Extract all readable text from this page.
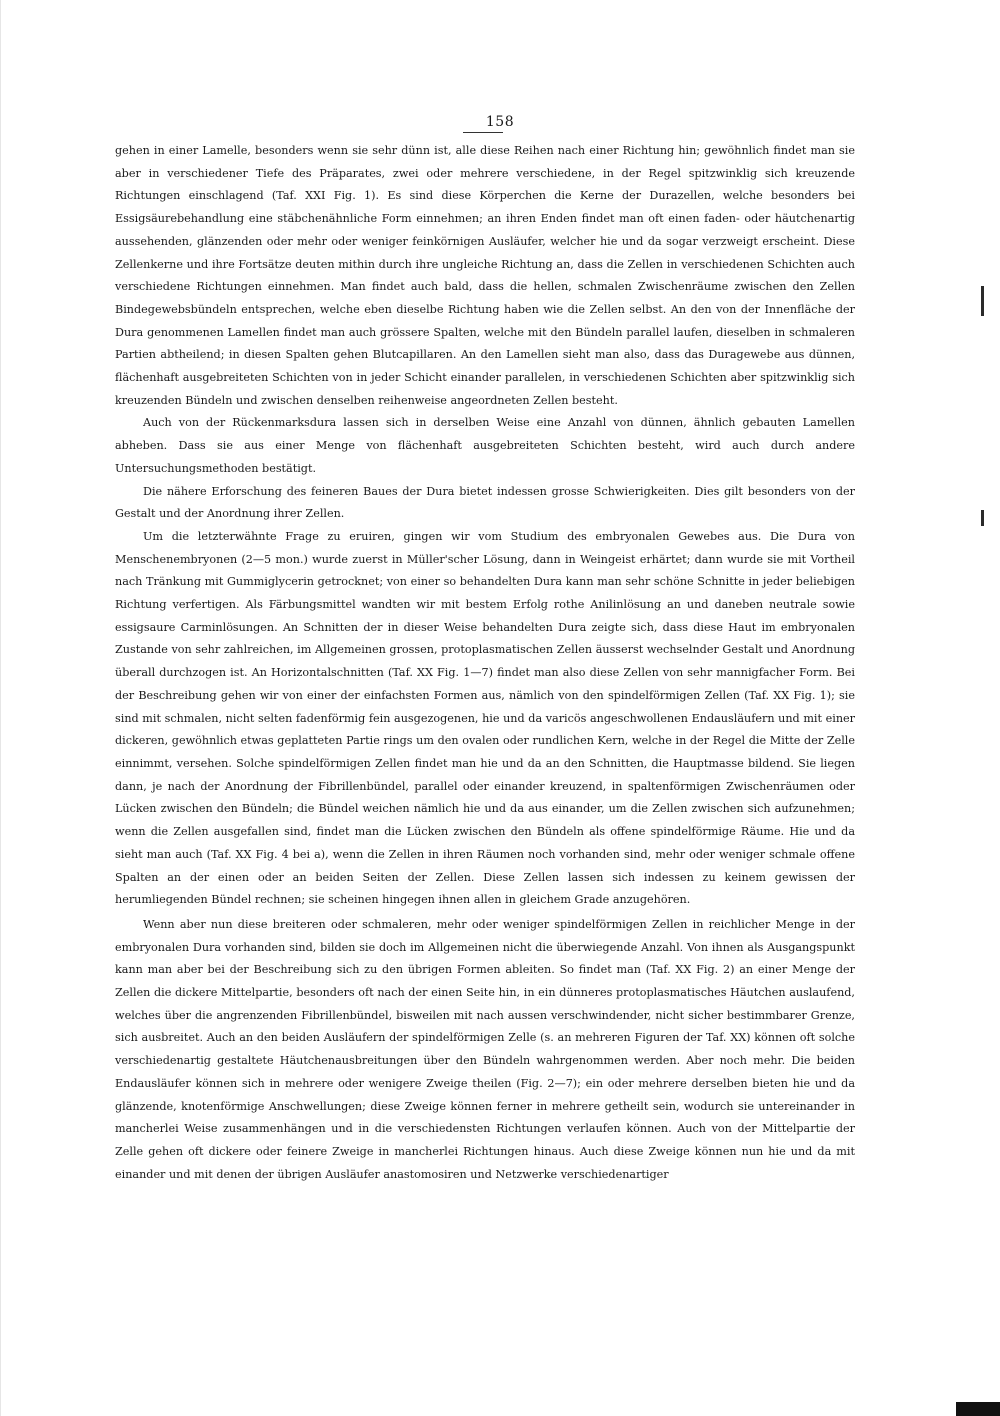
158

gehen in einer Lamelle, besonders wenn sie sehr dünn ist, alle diese Reihen nach einer Richtung hin; gewöhnlich findet man sie aber in verschiedener Tiefe des Präparates, zwei oder mehrere verschiedene, in der Regel spitzwinklig sich kreuzende Richtungen einschlagend (Taf. XXI Fig. 1). Es sind diese Körperchen die Kerne der Durazellen, welche besonders bei Essigsäurebehandlung eine stäbchenähnliche Form einnehmen; an ihren Enden findet man oft einen faden- oder häutchenartig aussehenden, glänzenden oder mehr oder weniger feinkörnigen Ausläufer, welcher hie und da sogar verzweigt erscheint. Diese Zellenkerne und ihre Fortsätze deuten mithin durch ihre ungleiche Richtung an, dass die Zellen in verschiedenen Schichten auch verschiedene Richtungen einnehmen. Man findet auch bald, dass die hellen, schmalen Zwischenräume zwischen den Zellen Bindegewebsbündeln entsprechen, welche eben dieselbe Richtung haben wie die Zellen selbst. An den von der Innenfläche der Dura genommenen Lamellen findet man auch grössere Spalten, welche mit den Bündeln parallel laufen, dieselben in schmaleren Partien abtheilend; in diesen Spalten gehen Blutcapillaren. An den Lamellen sieht man also, dass das Duragewebe aus dünnen, flächenhaft ausgebreiteten Schichten von in jeder Schicht einander parallelen, in verschiedenen Schichten aber spitzwinklig sich kreuzenden Bündeln und zwischen denselben reihenweise angeordneten Zellen besteht.

Auch von der Rückenmarksdura lassen sich in derselben Weise eine Anzahl von dünnen, ähnlich gebauten Lamellen abheben. Dass sie aus einer Menge von flächenhaft ausgebreiteten Schichten besteht, wird auch durch andere Untersuchungsmethoden bestätigt.

Die nähere Erforschung des feineren Baues der Dura bietet indessen grosse Schwierigkeiten. Dies gilt besonders von der Gestalt und der Anordnung ihrer Zellen.

Um die letzterwähnte Frage zu eruiren, gingen wir vom Studium des embryonalen Gewebes aus. Die Dura von Menschenembryonen (2—5 mon.) wurde zuerst in Müller'scher Lösung, dann in Weingeist erhärtet; dann wurde sie mit Vortheil nach Tränkung mit Gummiglycerin getrocknet; von einer so behandelten Dura kann man sehr schöne Schnitte in jeder beliebigen Richtung verfertigen. Als Färbungsmittel wandten wir mit bestem Erfolg rothe Anilinlösung an und daneben neutrale sowie essigsaure Carminlösungen. An Schnitten der in dieser Weise behandelten Dura zeigte sich, dass diese Haut im embryonalen Zustande von sehr zahlreichen, im Allgemeinen grossen, protoplasmatischen Zellen äusserst wechselnder Gestalt und Anordnung überall durchzogen ist. An Horizontalschnitten (Taf. XX Fig. 1—7) findet man also diese Zellen von sehr mannigfacher Form. Bei der Beschreibung gehen wir von einer der einfachsten Formen aus, nämlich von den spindelförmigen Zellen (Taf. XX Fig. 1); sie sind mit schmalen, nicht selten fadenförmig fein ausgezogenen, hie und da varicös angeschwollenen Endausläufern und mit einer dickeren, gewöhnlich etwas geplatteten Partie rings um den ovalen oder rundlichen Kern, welche in der Regel die Mitte der Zelle einnimmt, versehen. Solche spindelförmigen Zellen findet man hie und da an den Schnitten, die Hauptmasse bildend. Sie liegen dann, je nach der Anordnung der Fibrillenbündel, parallel oder einander kreuzend, in spaltenförmigen Zwischenräumen oder Lücken zwischen den Bündeln; die Bündel weichen nämlich hie und da aus einander, um die Zellen zwischen sich aufzunehmen; wenn die Zellen ausgefallen sind, findet man die Lücken zwischen den Bündeln als offene spindelförmige Räume. Hie und da sieht man auch (Taf. XX Fig. 4 bei a), wenn die Zellen in ihren Räumen noch vorhanden sind, mehr oder weniger schmale offene Spalten an der einen oder an beiden Seiten der Zellen. Diese Zellen lassen sich indessen zu keinem gewissen der herumliegenden Bündel rechnen; sie scheinen hingegen ihnen allen in gleichem Grade anzugehören.

Wenn aber nun diese breiteren oder schmaleren, mehr oder weniger spindelförmigen Zellen in reichlicher Menge in der embryonalen Dura vorhanden sind, bilden sie doch im Allgemeinen nicht die überwiegende Anzahl. Von ihnen als Ausgangspunkt kann man aber bei der Beschreibung sich zu den übrigen Formen ableiten. So findet man (Taf. XX Fig. 2) an einer Menge der Zellen die dickere Mittelpartie, besonders oft nach der einen Seite hin, in ein dünneres protoplasmatisches Häutchen auslaufend, welches über die angrenzenden Fibrillenbündel, bisweilen mit nach aussen verschwindender, nicht sicher bestimmbarer Grenze, sich ausbreitet. Auch an den beiden Ausläufern der spindelförmigen Zelle (s. an mehreren Figuren der Taf. XX) können oft solche verschiedenartig gestaltete Häutchenausbreitungen über den Bündeln wahrgenommen werden. Aber noch mehr. Die beiden Endausläufer können sich in mehrere oder wenigere Zweige theilen (Fig. 2—7); ein oder mehrere derselben bieten hie und da glänzende, knotenförmige Anschwellungen; diese Zweige können ferner in mehrere getheilt sein, wodurch sie untereinander in mancherlei Weise zusammenhängen und in die verschiedensten Richtungen verlaufen können. Auch von der Mittelpartie der Zelle gehen oft dickere oder feinere Zweige in mancherlei Richtungen hinaus. Auch diese Zweige können nun hie und da mit einander und mit denen der übrigen Ausläufer anastomosiren und Netzwerke verschiedenartiger
